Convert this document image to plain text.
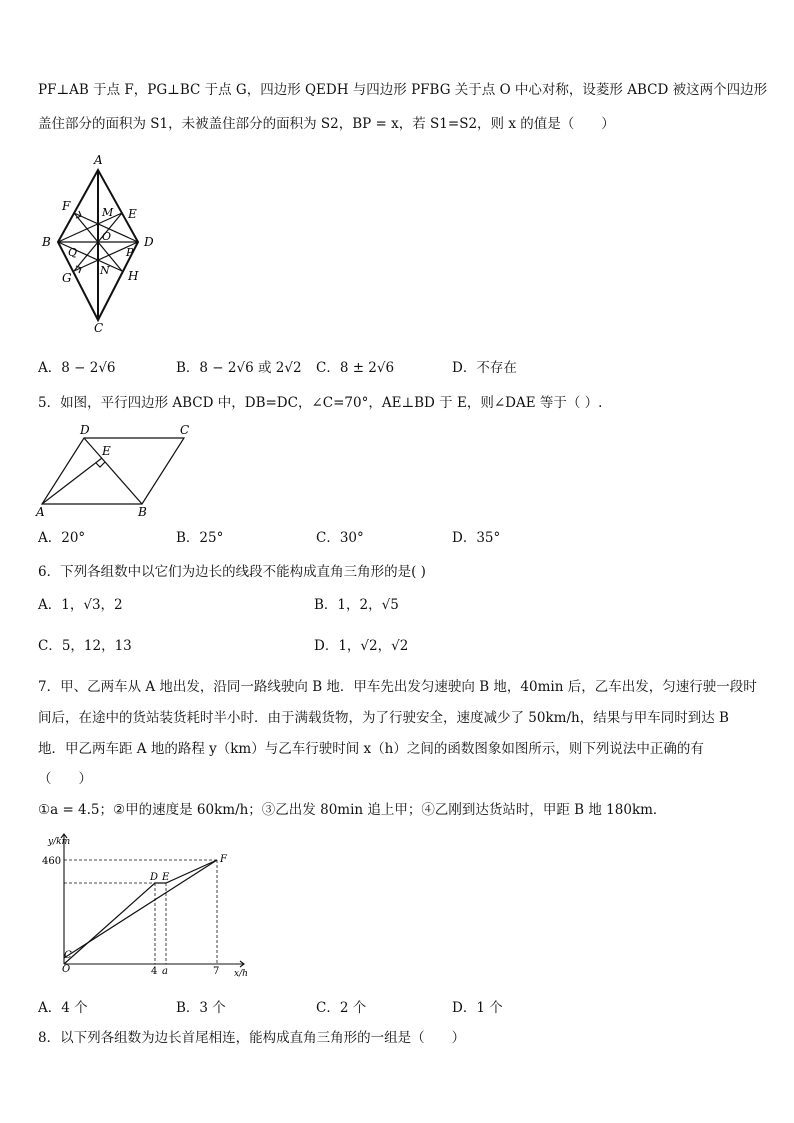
PF⊥AB 于点 F，PG⊥BC 于点 G，四边形 QEDH 与四边形 PFBG 关于点 O 中心对称，设菱形 ABCD 被这两个四边形
盖住部分的面积为 S1，未被盖住部分的面积为 S2，BP = x，若 S1=S2，则 x 的值是（　　）
A
B
C
D
E
F
G	H
M
N
O
P
Q
A．8 − 2√6	B．8 − 2√6 或 2√2 C．8 ± 2√6	D．不存在
5．如图，平行四边形 ABCD 中，DB=DC，∠C=70°，AE⊥BD 于 E，则∠DAE 等于（ ）.
A	B
C
D
E
A．20°	B．25°	C．30°	D．35°
6．下列各组数中以它们为边长的线段不能构成直角三角形的是( )
A．1，√3，2	B．1，2，√5
C．5，12，13	D．1，√2，√2
7．甲、乙两车从 A 地出发，沿同一路线驶向 B 地．甲车先出发匀速驶向 B 地，40min 后，乙车出发，匀速行驶一段时
间后，在途中的货站装货耗时半小时．由于满载货物，为了行驶安全，速度减少了 50km/h，结果与甲车同时到达 B
地．甲乙两车距 A 地的路程 y（km）与乙车行驶时间 x（h）之间的函数图象如图所示，则下列说法中正确的有
（　　）
①a = 4.5；②甲的速度是 60km/h；③乙出发 80min 追上甲；④乙刚到达货站时，甲距 B 地 180km．
y/km
x/h
O
460
4 a	7
C
D E
F
A．4 个	B．3 个	C．2 个	D．1 个
8．以下列各组数为边长首尾相连，能构成直角三角形的一组是（　　）
